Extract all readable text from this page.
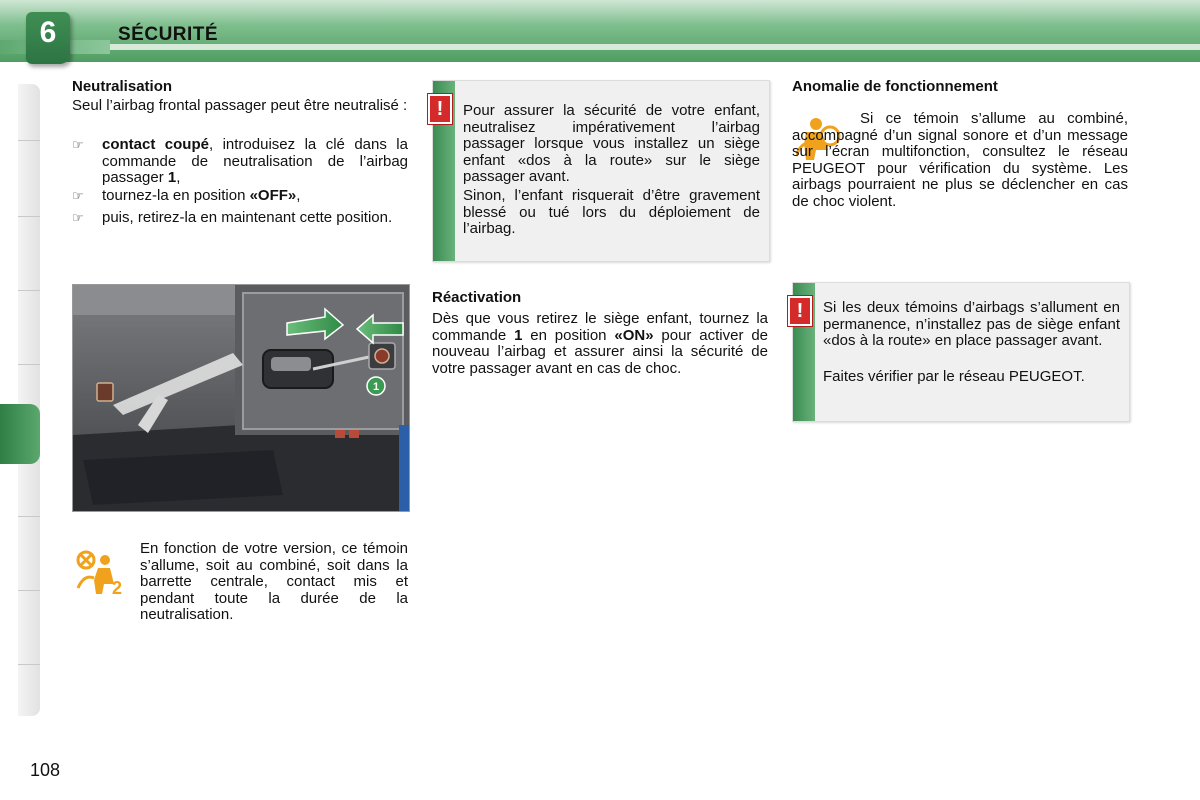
6	SÉCURITÉ
Neutralisation
Seul l’airbag frontal passager peut être neutralisé :
☞ contact coupé, introduisez la clé dans la commande de neutralisation de l’airbag passager 1,
☞ tournez-la en position «OFF»,
☞ puis, retirez-la en maintenant cette position.
1
2
En fonction de votre version, ce témoin s’allume, soit au combiné, soit dans la barrette centrale, contact mis et pendant toute la durée de la neutralisation.
!	Pour assurer la sécurité de votre enfant, neutralisez impérativement l’airbag passager lorsque vous installez un siège enfant «dos à la route» sur le siège passager avant.
Sinon, l’enfant risquerait d’être gravement blessé ou tué lors du déploiement de l’airbag.
Réactivation
Dès que vous retirez le siège enfant, tournez la commande 1 en position «ON» pour activer de nouveau l’airbag et assurer ainsi la sécurité de votre passager avant en cas de choc.
Anomalie de fonctionnement
Si ce témoin s’allume au combiné, accompagné d’un signal sonore et d’un message sur l’écran multifonction, consultez le réseau PEUGEOT pour vérification du système. Les airbags pourraient ne plus se déclencher en cas de choc violent.
!	Si les deux témoins d’airbags s’allument en permanence, n’installez pas de siège enfant «dos à la route» en place passager avant.
Faites vérifier par le réseau PEUGEOT.
108
